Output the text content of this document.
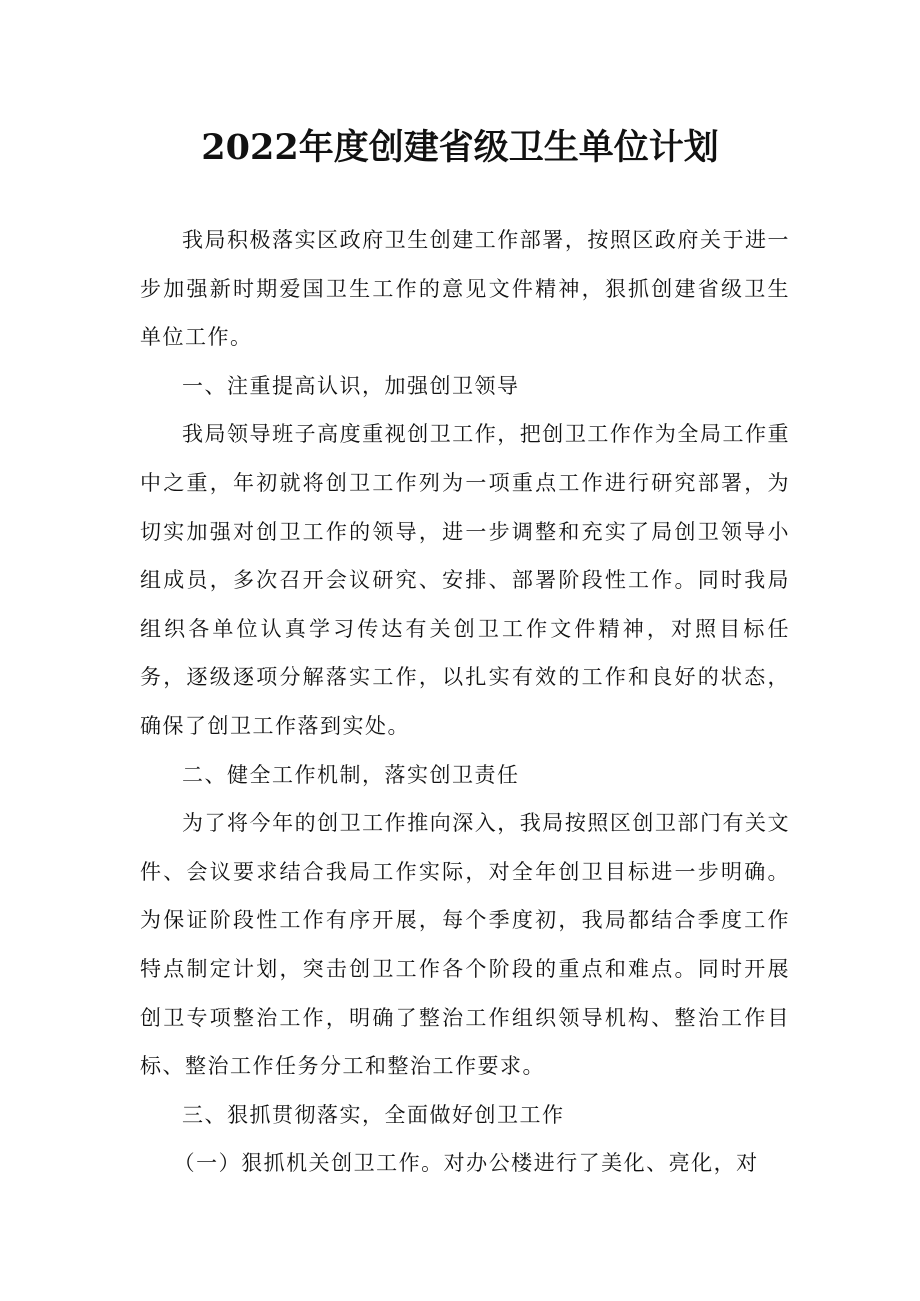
2022年度创建省级卫生单位计划

我局积极落实区政府卫生创建工作部署，按照区政府关于进一步加强新时期爱国卫生工作的意见文件精神，狠抓创建省级卫生单位工作。

一、注重提高认识，加强创卫领导

我局领导班子高度重视创卫工作，把创卫工作作为全局工作重中之重，年初就将创卫工作列为一项重点工作进行研究部署，为切实加强对创卫工作的领导，进一步调整和充实了局创卫领导小组成员，多次召开会议研究、安排、部署阶段性工作。同时我局组织各单位认真学习传达有关创卫工作文件精神，对照目标任务，逐级逐项分解落实工作，以扎实有效的工作和良好的状态，确保了创卫工作落到实处。

二、健全工作机制，落实创卫责任

为了将今年的创卫工作推向深入，我局按照区创卫部门有关文件、会议要求结合我局工作实际，对全年创卫目标进一步明确。为保证阶段性工作有序开展，每个季度初，我局都结合季度工作特点制定计划，突击创卫工作各个阶段的重点和难点。同时开展创卫专项整治工作，明确了整治工作组织领导机构、整治工作目标、整治工作任务分工和整治工作要求。

三、狠抓贯彻落实，全面做好创卫工作

（一）狠抓机关创卫工作。对办公楼进行了美化、亮化，对
